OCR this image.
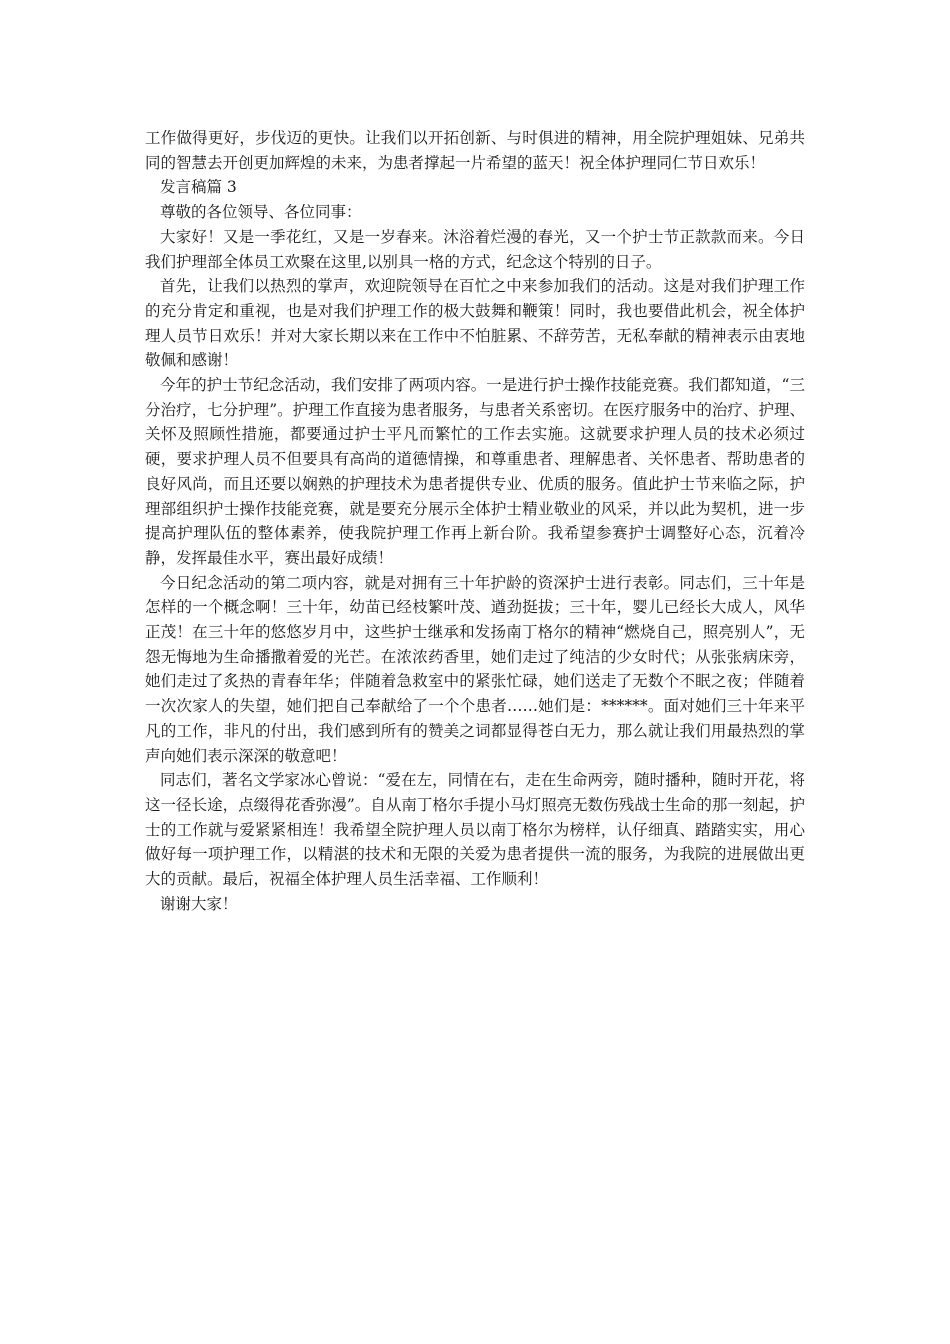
工作做得更好，步伐迈的更快。让我们以开拓创新、与时俱进的精神，用全院护理姐妹、兄弟共同的智慧去开创更加辉煌的未来，为患者撑起一片希望的蓝天！祝全体护理同仁节日欢乐！

发言稿篇 3

尊敬的各位领导、各位同事：

大家好！又是一季花红，又是一岁春来。沐浴着烂漫的春光，又一个护士节正款款而来。今日我们护理部全体员工欢聚在这里,以别具一格的方式，纪念这个特别的日子。

首先，让我们以热烈的掌声，欢迎院领导在百忙之中来参加我们的活动。这是对我们护理工作的充分肯定和重视，也是对我们护理工作的极大鼓舞和鞭策！同时，我也要借此机会，祝全体护理人员节日欢乐！并对大家长期以来在工作中不怕脏累、不辞劳苦，无私奉献的精神表示由衷地敬佩和感谢！

今年的护士节纪念活动，我们安排了两项内容。一是进行护士操作技能竞赛。我们都知道，“三分治疗，七分护理”。护理工作直接为患者服务，与患者关系密切。在医疗服务中的治疗、护理、关怀及照顾性措施，都要通过护士平凡而繁忙的工作去实施。这就要求护理人员的技术必须过硬，要求护理人员不但要具有高尚的道德情操，和尊重患者、理解患者、关怀患者、帮助患者的良好风尚，而且还要以娴熟的护理技术为患者提供专业、优质的服务。值此护士节来临之际，护理部组织护士操作技能竞赛，就是要充分展示全体护士精业敬业的风采，并以此为契机，进一步提高护理队伍的整体素养，使我院护理工作再上新台阶。我希望参赛护士调整好心态，沉着冷静，发挥最佳水平，赛出最好成绩！

今日纪念活动的第二项内容，就是对拥有三十年护龄的资深护士进行表彰。同志们，三十年是怎样的一个概念啊！三十年，幼苗已经枝繁叶茂、遒劲挺拔；三十年，婴儿已经长大成人，风华正茂！在三十年的悠悠岁月中，这些护士继承和发扬南丁格尔的精神“燃烧自己，照亮别人”，无怨无悔地为生命播撒着爱的光芒。在浓浓药香里，她们走过了纯洁的少女时代；从张张病床旁，她们走过了炙热的青春年华；伴随着急救室中的紧张忙碌，她们送走了无数个不眠之夜；伴随着一次次家人的失望，她们把自己奉献给了一个个患者……她们是：******。面对她们三十年来平凡的工作，非凡的付出，我们感到所有的赞美之词都显得苍白无力，那么就让我们用最热烈的掌声向她们表示深深的敬意吧！

同志们，著名文学家冰心曾说：“爱在左，同情在右，走在生命两旁，随时播种，随时开花，将这一径长途，点缀得花香弥漫”。自从南丁格尔手提小马灯照亮无数伤残战士生命的那一刻起，护士的工作就与爱紧紧相连！我希望全院护理人员以南丁格尔为榜样，认仔细真、踏踏实实，用心做好每一项护理工作，以精湛的技术和无限的关爱为患者提供一流的服务，为我院的进展做出更大的贡献。最后，祝福全体护理人员生活幸福、工作顺利！

谢谢大家！
